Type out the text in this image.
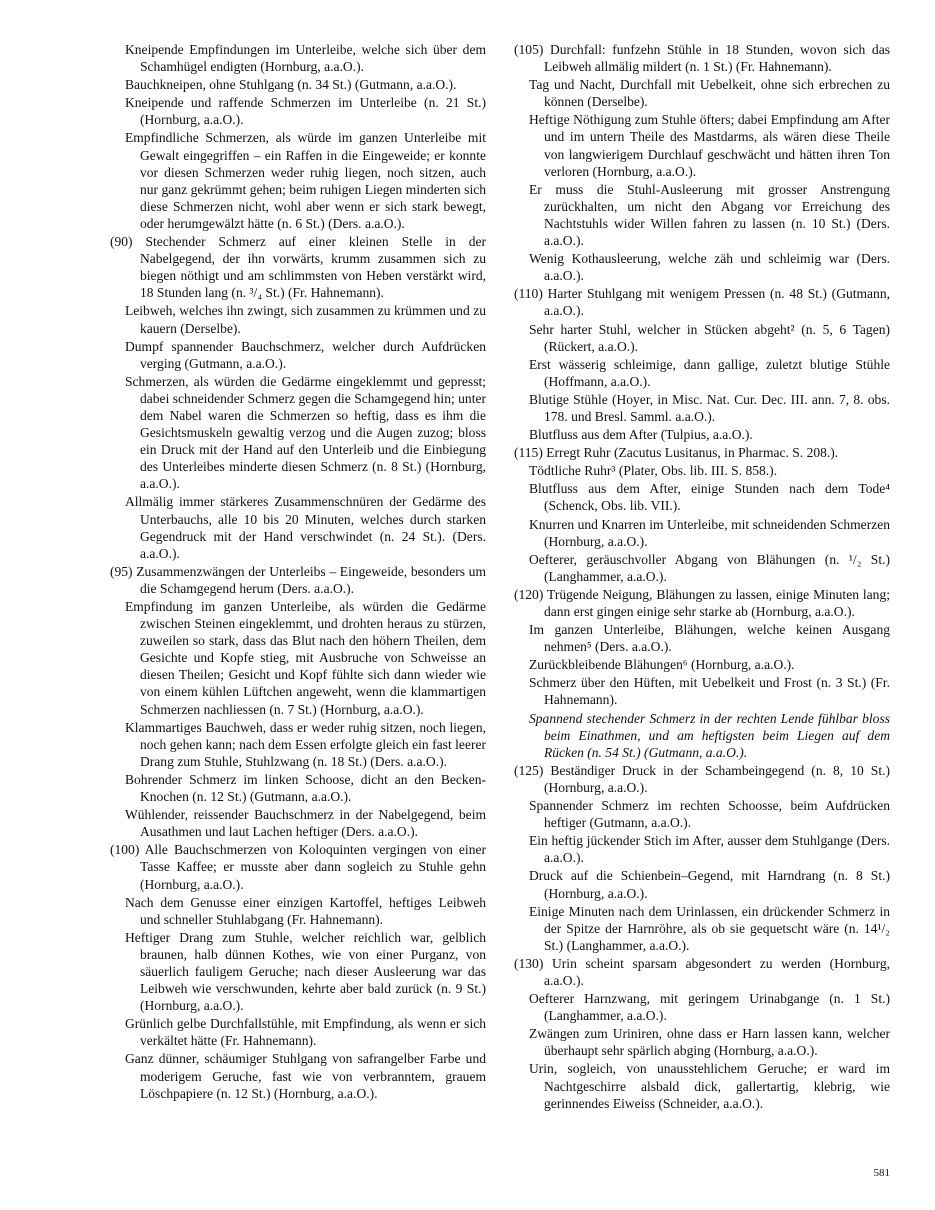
Kneipende Empfindungen im Unterleibe, welche sich über dem Schamhügel endigten (Hornburg, a.a.O.).

Bauchkneipen, ohne Stuhlgang (n. 34 St.) (Gutmann, a.a.O.).

Kneipende und raffende Schmerzen im Unterleibe (n. 21 St.) (Hornburg, a.a.O.).

Empfindliche Schmerzen, als würde im ganzen Unterleibe mit Gewalt eingegriffen – ein Raffen in die Eingeweide; er konnte vor diesen Schmerzen weder ruhig liegen, noch sitzen, auch nur ganz gekrümmt gehen; beim ruhigen Liegen minderten sich diese Schmerzen nicht, wohl aber wenn er sich stark bewegt, oder herumgewälzt hätte (n. 6 St.) (Ders. a.a.O.).

(90) Stechender Schmerz auf einer kleinen Stelle in der Nabelgegend, der ihn vorwärts, krumm zusammen sich zu biegen nöthigt und am schlimmsten von Heben verstärkt wird, 18 Stunden lang (n. ³/₄ St.) (Fr. Hahnemann).

Leibweh, welches ihn zwingt, sich zusammen zu krümmen und zu kauern (Derselbe).

Dumpf spannender Bauchschmerz, welcher durch Aufdrücken verging (Gutmann, a.a.O.).

Schmerzen, als würden die Gedärme eingeklemmt und gepresst; dabei schneidender Schmerz gegen die Schamgegend hin; unter dem Nabel waren die Schmerzen so heftig, dass es ihm die Gesichtsmuskeln gewaltig verzog und die Augen zuzog; bloss ein Druck mit der Hand auf den Unterleib und die Einbiegung des Unterleibes minderte diesen Schmerz (n. 8 St.) (Hornburg, a.a.O.).

Allmälig immer stärkeres Zusammenschnüren der Gedärme des Unterbauchs, alle 10 bis 20 Minuten, welches durch starken Gegendruck mit der Hand verschwindet (n. 24 St.). (Ders. a.a.O.).

(95) Zusammenzwängen der Unterleibs – Eingeweide, besonders um die Schamgegend herum (Ders. a.a.O.).

Empfindung im ganzen Unterleibe, als würden die Gedärme zwischen Steinen eingeklemmt, und drohten heraus zu stürzen, zuweilen so stark, dass das Blut nach den höhern Theilen, dem Gesichte und Kopfe stieg, mit Ausbruche von Schweisse an diesen Theilen; Gesicht und Kopf fühlte sich dann wieder wie von einem kühlen Lüftchen angeweht, wenn die klammartigen Schmerzen nachliessen (n. 7 St.) (Hornburg, a.a.O.).

Klammartiges Bauchweh, dass er weder ruhig sitzen, noch liegen, noch gehen kann; nach dem Essen erfolgte gleich ein fast leerer Drang zum Stuhle, Stuhlzwang (n. 18 St.) (Ders. a.a.O.).

Bohrender Schmerz im linken Schoose, dicht an den Becken-Knochen (n. 12 St.) (Gutmann, a.a.O.).

Wühlender, reissender Bauchschmerz in der Nabelgegend, beim Ausathmen und laut Lachen heftiger (Ders. a.a.O.).

(100) Alle Bauchschmerzen von Koloquinten vergingen von einer Tasse Kaffee; er musste aber dann sogleich zu Stuhle gehn (Hornburg, a.a.O.).

Nach dem Genusse einer einzigen Kartoffel, heftiges Leibweh und schneller Stuhlabgang (Fr. Hahnemann).

Heftiger Drang zum Stuhle, welcher reichlich war, gelblich braunen, halb dünnen Kothes, wie von einer Purganz, von säuerlich fauligem Geruche; nach dieser Ausleerung war das Leibweh wie verschwunden, kehrte aber bald zurück (n. 9 St.) (Hornburg, a.a.O.).

Grünlich gelbe Durchfallstühle, mit Empfindung, als wenn er sich verkältet hätte (Fr. Hahnemann).

Ganz dünner, schäumiger Stuhlgang von safrangelber Farbe und moderigem Geruche, fast wie von verbranntem, grauem Löschpapiere (n. 12 St.) (Hornburg, a.a.O.).

(105) Durchfall: funfzehn Stühle in 18 Stunden, wovon sich das Leibweh allmälig mildert (n. 1 St.) (Fr. Hahnemann).

Tag und Nacht, Durchfall mit Uebelkeit, ohne sich erbrechen zu können (Derselbe).

Heftige Nöthigung zum Stuhle öfters; dabei Empfindung am After und im untern Theile des Mastdarms, als wären diese Theile von langwierigem Durchlauf geschwächt und hätten ihren Ton verloren (Hornburg, a.a.O.).

Er muss die Stuhl-Ausleerung mit grosser Anstrengung zurückhalten, um nicht den Abgang vor Erreichung des Nachtstuhls wider Willen fahren zu lassen (n. 10 St.) (Ders. a.a.O.).

Wenig Kothausleerung, welche zäh und schleimig war (Ders. a.a.O.).

(110) Harter Stuhlgang mit wenigem Pressen (n. 48 St.) (Gutmann, a.a.O.).

Sehr harter Stuhl, welcher in Stücken abgeht² (n. 5, 6 Tagen) (Rückert, a.a.O.).

Erst wässerig schleimige, dann gallige, zuletzt blutige Stühle (Hoffmann, a.a.O.).

Blutige Stühle (Hoyer, in Misc. Nat. Cur. Dec. III. ann. 7, 8. obs. 178. und Bresl. Samml. a.a.O.).

Blutfluss aus dem After (Tulpius, a.a.O.).

(115) Erregt Ruhr (Zacutus Lusitanus, in Pharmac. S. 208.).

Tödtliche Ruhr³ (Plater, Obs. lib. III. S. 858.).

Blutfluss aus dem After, einige Stunden nach dem Tode⁴ (Schenck, Obs. lib. VII.).

Knurren und Knarren im Unterleibe, mit schneidenden Schmerzen (Hornburg, a.a.O.).

Oefterer, geräuschvoller Abgang von Blähungen (n. ¹/₂ St.) (Langhammer, a.a.O.).

(120) Trügende Neigung, Blähungen zu lassen, einige Minuten lang; dann erst gingen einige sehr starke ab (Hornburg, a.a.O.).

Im ganzen Unterleibe, Blähungen, welche keinen Ausgang nehmen⁵ (Ders. a.a.O.).

Zurückbleibende Blähungen⁶ (Hornburg, a.a.O.).

Schmerz über den Hüften, mit Uebelkeit und Frost (n. 3 St.) (Fr. Hahnemann).

Spannend stechender Schmerz in der rechten Lende fühlbar bloss beim Einathmen, und am heftigsten beim Liegen auf dem Rücken (n. 54 St.) (Gutmann, a.a.O.).

(125) Beständiger Druck in der Schambeingegend (n. 8, 10 St.) (Hornburg, a.a.O.).

Spannender Schmerz im rechten Schoosse, beim Aufdrücken heftiger (Gutmann, a.a.O.).

Ein heftig jückender Stich im After, ausser dem Stuhlgange (Ders. a.a.O.).

Druck auf die Schienbein–Gegend, mit Harndrang (n. 8 St.) (Hornburg, a.a.O.).

Einige Minuten nach dem Urinlassen, ein drückender Schmerz in der Spitze der Harnröhre, als ob sie gequetscht wäre (n. 14¹/₂ St.) (Langhammer, a.a.O.).

(130) Urin scheint sparsam abgesondert zu werden (Hornburg, a.a.O.).

Oefterer Harnzwang, mit geringem Urinabgange (n. 1 St.) (Langhammer, a.a.O.).

Zwängen zum Uriniren, ohne dass er Harn lassen kann, welcher überhaupt sehr spärlich abging (Hornburg, a.a.O.).

Urin, sogleich, von unausstehlichem Geruche; er ward im Nachtgeschirre alsbald dick, gallertartig, klebrig, wie gerinnendes Eiweiss (Schneider, a.a.O.).

581
